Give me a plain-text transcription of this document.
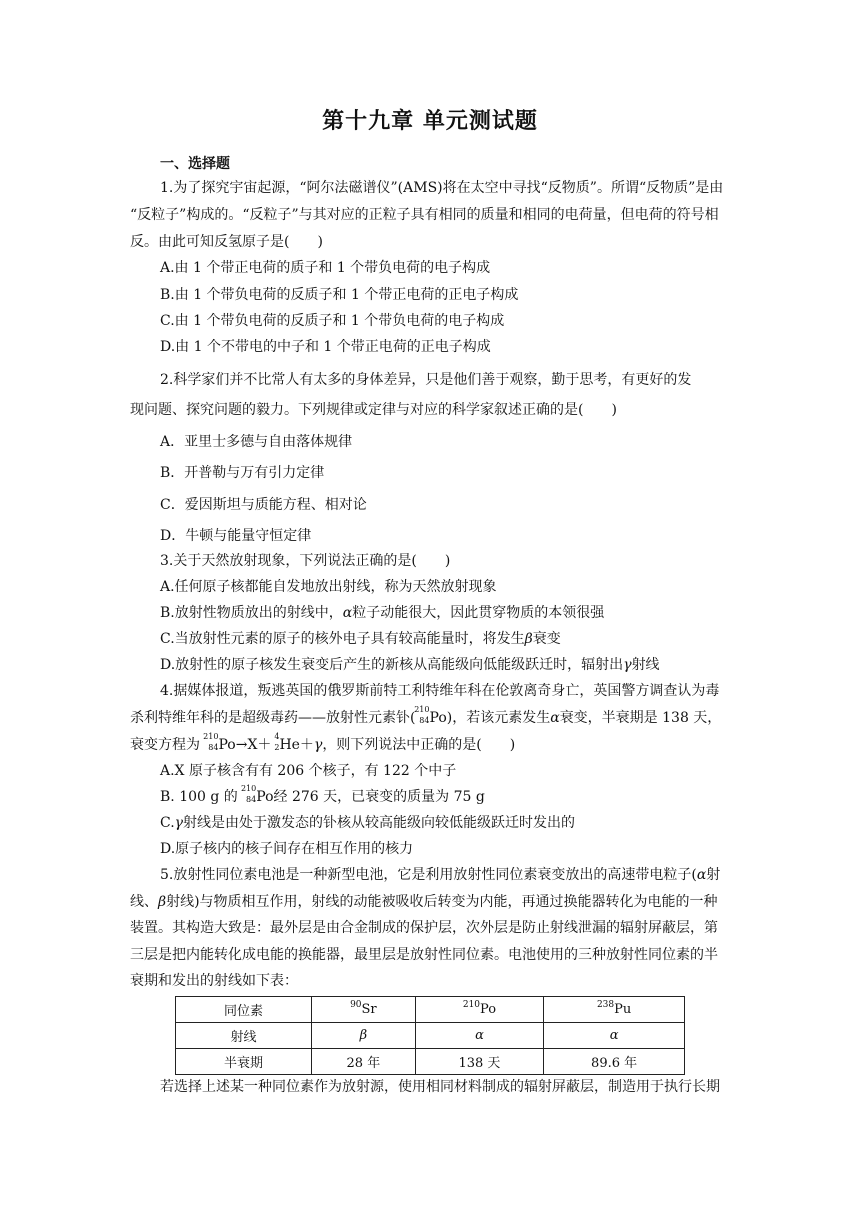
第十九章 单元测试题
一、选择题
1.为了探究宇宙起源，“阿尔法磁谱仪”(AMS)将在太空中寻找“反物质”。所谓“反物质”是由
“反粒子”构成的。“反粒子”与其对应的正粒子具有相同的质量和相同的电荷量，但电荷的符号相
反。由此可知反氢原子是(　　)
A.由 1 个带正电荷的质子和 1 个带负电荷的电子构成
B.由 1 个带负电荷的反质子和 1 个带正电荷的正电子构成
C.由 1 个带负电荷的反质子和 1 个带负电荷的电子构成
D.由 1 个不带电的中子和 1 个带正电荷的正电子构成
2.科学家们并不比常人有太多的身体差异，只是他们善于观察，勤于思考，有更好的发
现问题、探究问题的毅力。下列规律或定律与对应的科学家叙述正确的是(　　)
A．亚里士多德与自由落体规律
B．开普勒与万有引力定律
C．爱因斯坦与质能方程、相对论
D．牛顿与能量守恒定律
3.关于天然放射现象，下列说法正确的是(　　)
A.任何原子核都能自发地放出射线，称为天然放射现象
B.放射性物质放出的射线中，α粒子动能很大，因此贯穿物质的本领很强
C.当放射性元素的原子的核外电子具有较高能量时，将发生β衰变
D.放射性的原子核发生衰变后产生的新核从高能级向低能级跃迁时，辐射出γ射线
4.据媒体报道，叛逃英国的俄罗斯前特工利特维年科在伦敦离奇身亡，英国警方调查认为毒
杀利特维年科的是超级毒药——放射性元素钋(
210
84 Po)，若该元素发生α衰变，半衰期是 138 天，
衰变方程为
210
84 Po→X＋
4
2 He＋γ，则下列说法中正确的是(　　)
A.X 原子核含有有 206 个核子，有 122 个中子
B. 100 g 的
210
84 Po经 276 天，已衰变的质量为 75 g
C.γ射线是由处于激发态的钋核从较高能级向较低能级跃迁时发出的
D.原子核内的核子间存在相互作用的核力
5.放射性同位素电池是一种新型电池，它是利用放射性同位素衰变放出的高速带电粒子(α射
线、β射线)与物质相互作用，射线的动能被吸收后转变为内能，再通过换能器转化为电能的一种
装置。其构造大致是：最外层是由合金制成的保护层，次外层是防止射线泄漏的辐射屏蔽层，第
三层是把内能转化成电能的换能器，最里层是放射性同位素。电池使用的三种放射性同位素的半
衰期和发出的射线如下表：
同位素	$^{90}$Sr	$^{210}$Po	$^{238}$Pu
射线	β	α	α
半衰期	28 年	138 天	89.6 年
若选择上述某一种同位素作为放射源，使用相同材料制成的辐射屏蔽层，制造用于执行长期
